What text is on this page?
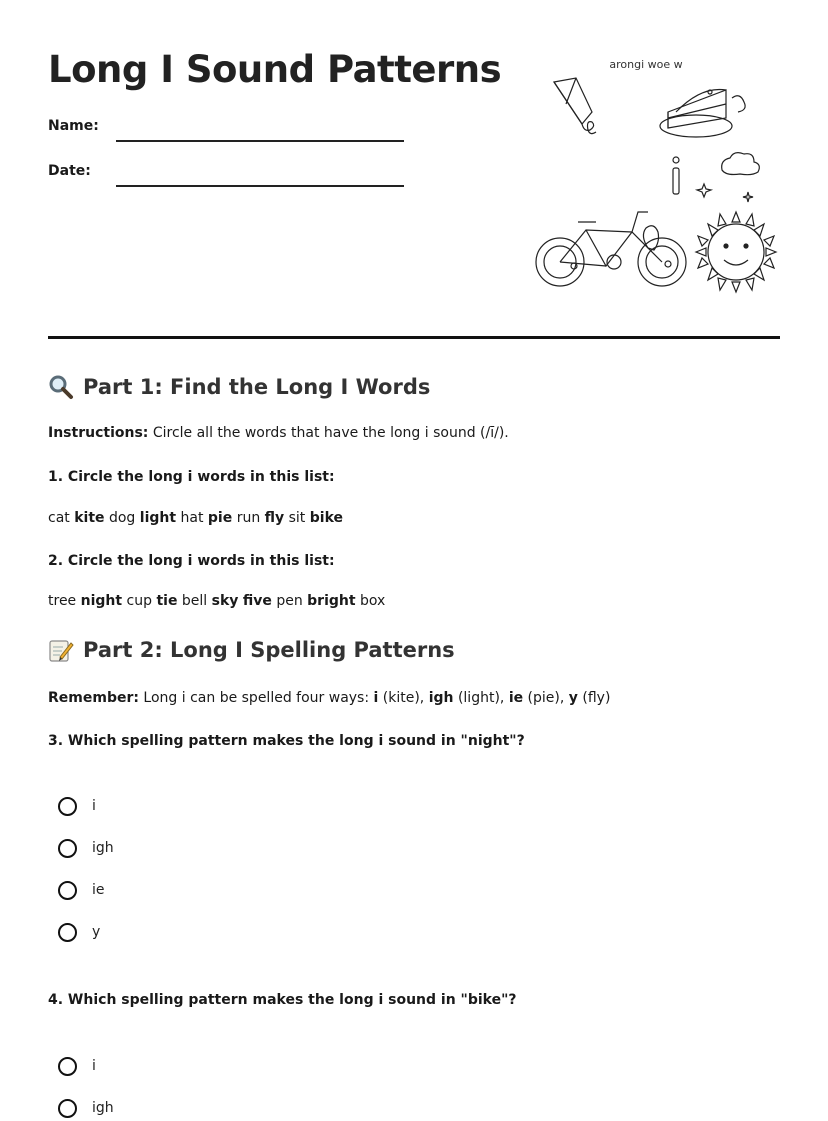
Long I Sound Patterns
Name:
Date:
arongi woe w
Part 1: Find the Long I Words
Instructions: Circle all the words that have the long i sound (/ī/).
1. Circle the long i words in this list:
cat kite dog light hat pie run fly sit bike
2. Circle the long i words in this list:
tree night cup tie bell sky five pen bright box
Part 2: Long I Spelling Patterns
Remember: Long i can be spelled four ways: i (kite), igh (light), ie (pie), y (fly)
3. Which spelling pattern makes the long i sound in "night"?
i
igh
ie
y
4. Which spelling pattern makes the long i sound in "bike"?
i
igh
